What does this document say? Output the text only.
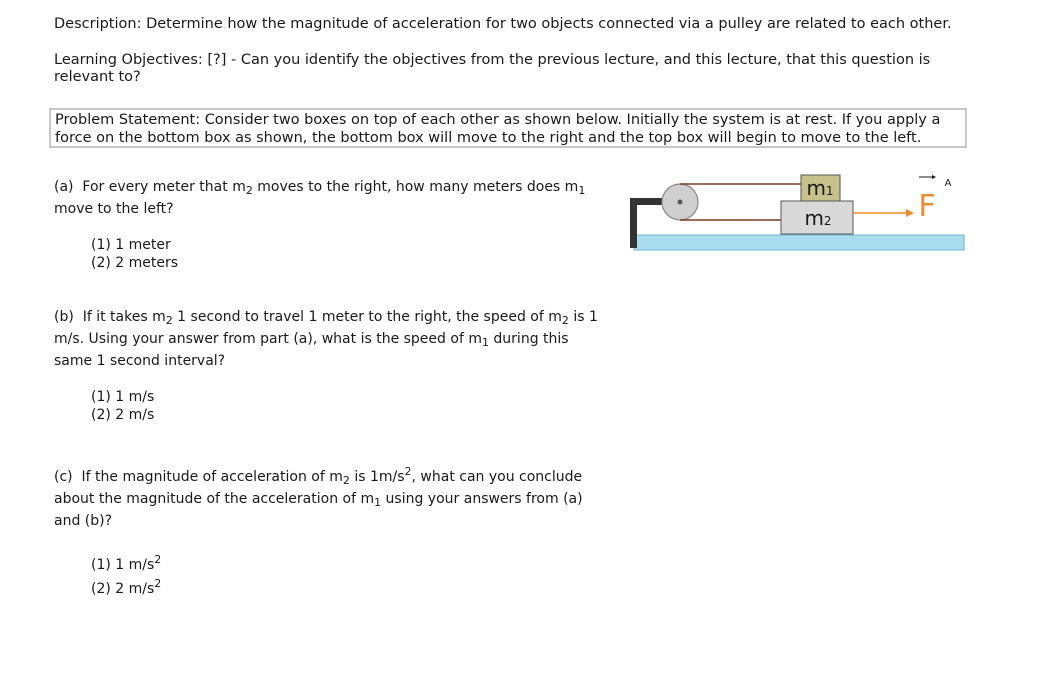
Description: Determine how the magnitude of acceleration for two objects connected via a pulley are related to each other.
Learning Objectives: [?] - Can you identify the objectives from the previous lecture, and this lecture, that this question is
relevant to?
Problem Statement: Consider two boxes on top of each other as shown below. Initially the system is at rest. If you apply a
force on the bottom box as shown, the bottom box will move to the right and the top box will begin to move to the left.
(a) For every meter that $m_2$ moves to the right, how many meters does $m_1$
move to the left?
(1) 1 meter
(2) 2 meters
(b) If it takes $m_2$ 1 second to travel 1 meter to the right, the speed of $m_2$ is 1
m/s. Using your answer from part (a), what is the speed of $m_1$ during this
same 1 second interval?
(1) 1 m/s
(2) 2 m/s
(c) If the magnitude of acceleration of $m_2$ is $1m/s^2$, what can you conclude
about the magnitude of the acceleration of $m_1$ using your answers from (a)
and (b)?
(1) 1 $m/s^2$
(2) 2 $m/s^2$
m1
m2	F
A
